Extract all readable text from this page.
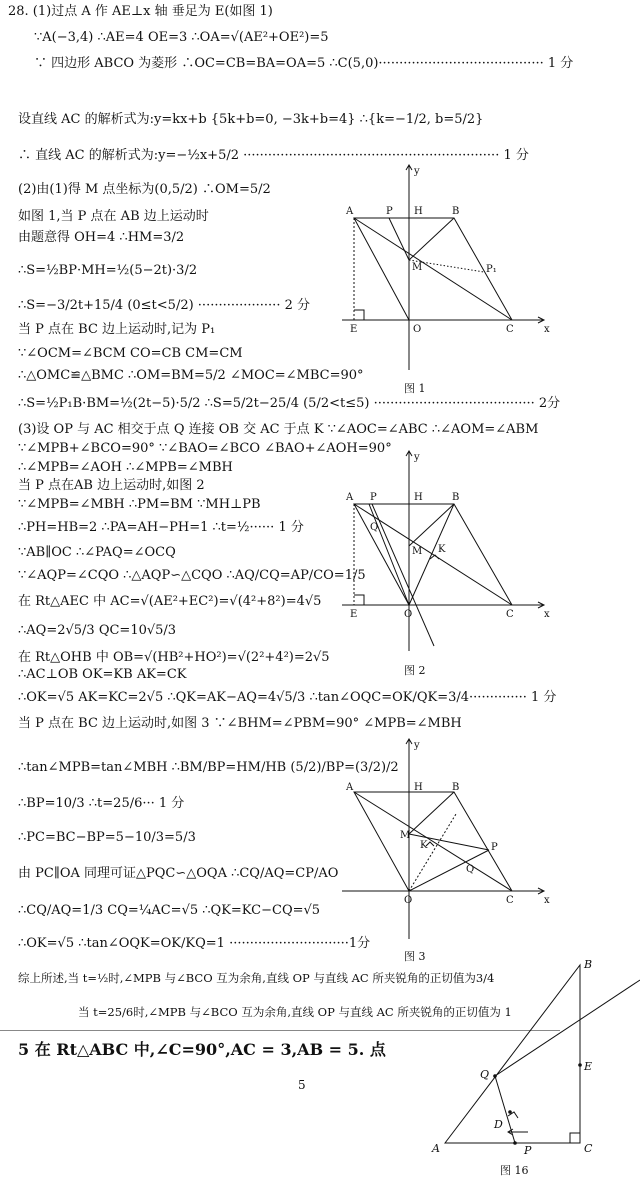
28. (1)过点 A 作 AE⊥x 轴 垂足为 E(如图 1)
∵A(−3,4) ∴AE=4 OE=3 ∴OA=√(AE²+OE²)=5
∵ 四边形 ABCO 为菱形 ∴OC=CB=BA=OA=5 ∴C(5,0)········································ 1 分
设直线 AC 的解析式为:y=kx+b {5k+b=0, −3k+b=4} ∴{k=−1/2, b=5/2}
∴ 直线 AC 的解析式为:y=−½x+5/2 ······························································ 1 分
(2)由(1)得 M 点坐标为(0,5/2) ∴OM=5/2
如图 1,当 P 点在 AB 边上运动时
由题意得 OH=4 ∴HM=3/2
∴S=½BP·MH=½(5−2t)·3/2
∴S=−3/2t+15/4 (0≤t<5/2) ···················· 2 分
当 P 点在 BC 边上运动时,记为 P₁
∵∠OCM=∠BCM CO=CB CM=CM
∴△OMC≌△BMC ∴OM=BM=5/2 ∠MOC=∠MBC=90°
∴S=½P₁B·BM=½(2t−5)·5/2 ∴S=5/2t−25/4 (5/2<t≤5) ······································· 2分
(3)设 OP 与 AC 相交于点 Q 连接 OB 交 AC 于点 K ∵∠AOC=∠ABC ∴∠AOM=∠ABM
∵∠MPB+∠BCO=90° ∵∠BAO=∠BCO ∠BAO+∠AOH=90°
∴∠MPB=∠AOH ∴∠MPB=∠MBH
当 P 点在AB 边上运动时,如图 2
∵∠MPB=∠MBH ∴PM=BM ∵MH⊥PB
∴PH=HB=2 ∴PA=AH−PH=1 ∴t=½······ 1 分
∵AB∥OC ∴∠PAQ=∠OCQ
∵∠AQP=∠CQO ∴△AQP∽△CQO ∴AQ/CQ=AP/CO=1/5
在 Rt△AEC 中 AC=√(AE²+EC²)=√(4²+8²)=4√5
∴AQ=2√5/3 QC=10√5/3
在 Rt△OHB 中 OB=√(HB²+HO²)=√(2²+4²)=2√5
∴AC⊥OB OK=KB AK=CK
∴OK=√5 AK=KC=2√5 ∴QK=AK−AQ=4√5/3 ∴tan∠OQC=OK/QK=3/4·············· 1 分
当 P 点在 BC 边上运动时,如图 3 ∵∠BHM=∠PBM=90° ∠MPB=∠MBH
∴tan∠MPB=tan∠MBH ∴BM/BP=HM/HB (5/2)/BP=(3/2)/2
∴BP=10/3 ∴t=25/6··· 1 分
∴PC=BC−BP=5−10/3=5/3
由 PC∥OA 同理可证△PQC∽△OQA ∴CQ/AQ=CP/AO
∴CQ/AQ=1/3 CQ=¼AC=√5 ∴QK=KC−CQ=√5
∴OK=√5 ∴tan∠OQK=OK/KQ=1 ·····························1分
综上所述,当 t=½时,∠MPB 与∠BCO 互为余角,直线 OP 与直线 AC 所夹锐角的正切值为3/4
当 t=25/6时,∠MPB 与∠BCO 互为余角,直线 OP 与直线 AC 所夹锐角的正切值为 1
5 在 Rt△ABC 中,∠C=90°,AC = 3,AB = 5. 点
5
y
A	P H	B
M	P₁
E	O	C	x
图 1
y
A P	H	B
Q
M K
E	O	C	x
图 2
y
A	H	B
M
K	P
Q
O	C	x
图 3
B
E
Q
D
A	P	C
图 16
